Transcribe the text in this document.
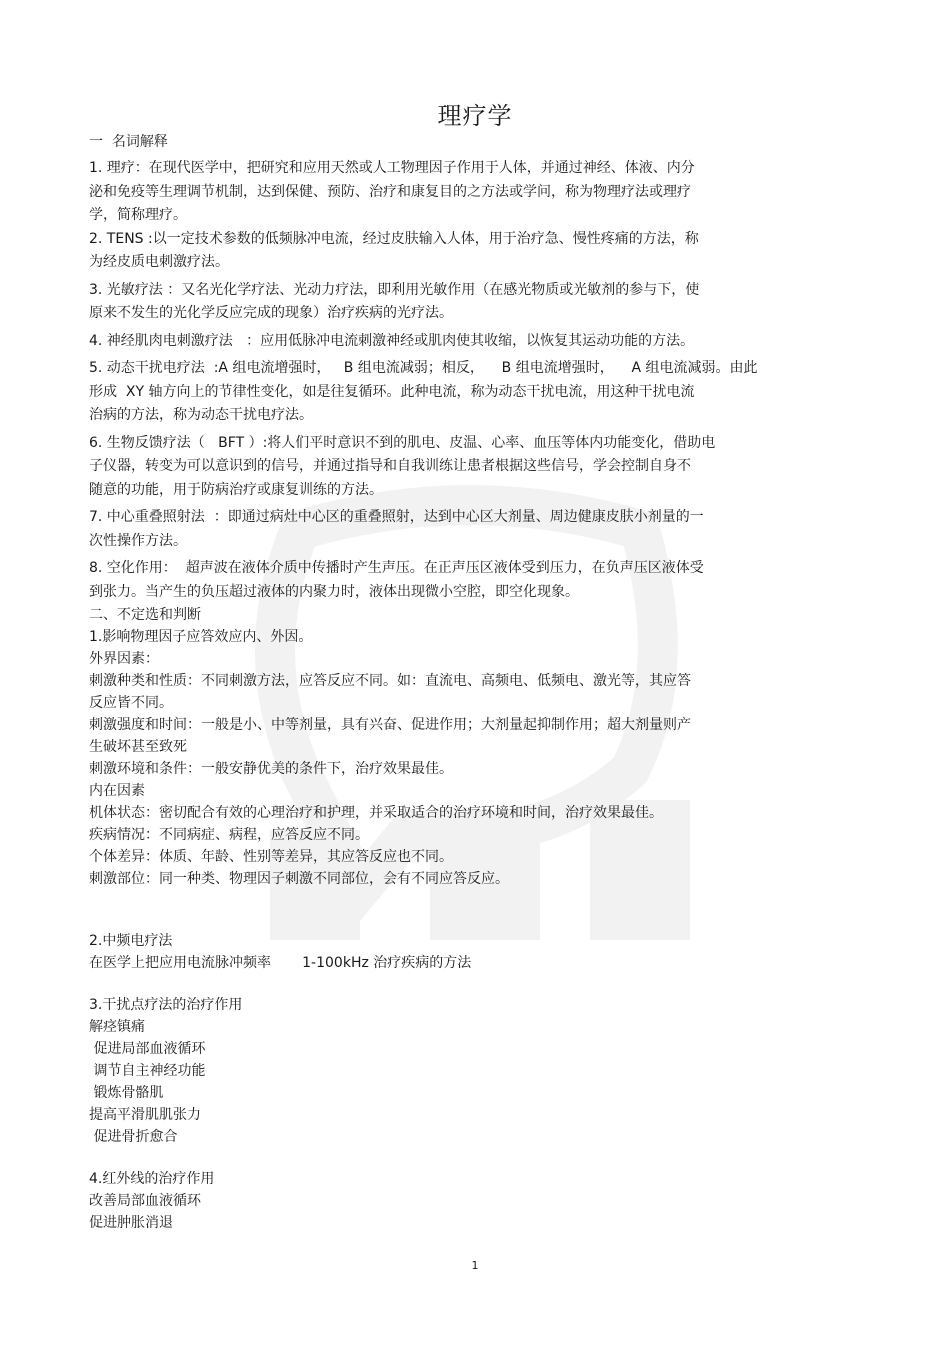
理疗学
一  名词解释
1. 理疗：在现代医学中，把研究和应用天然或人工物理因子作用于人体，并通过神经、体液、内分
泌和免疫等生理调节机制，达到保健、预防、治疗和康复目的之方法或学问，称为物理疗法或理疗
学，简称理疗。
2. TENS :以一定技术参数的低频脉冲电流，经过皮肤输入人体，用于治疗急、慢性疼痛的方法，称
为经皮质电刺激疗法。
3. 光敏疗法 ：又名光化学疗法、光动力疗法，即利用光敏作用（在感光物质或光敏剂的参与下，使
原来不发生的光化学反应完成的现象）治疗疾病的光疗法。
4. 神经肌肉电刺激疗法   ：应用低脉冲电流刺激神经或肌肉使其收缩，以恢复其运动功能的方法。
5. 动态干扰电疗法  :A 组电流增强时，   B 组电流减弱；相反，    B 组电流增强时，    A 组电流减弱。由此
形成  XY 轴方向上的节律性变化，如是往复循环。此种电流，称为动态干扰电流，用这种干扰电流
治病的方法，称为动态干扰电疗法。
6. 生物反馈疗法（   BFT ）:将人们平时意识不到的肌电、皮温、心率、血压等体内功能变化，借助电
子仪器，转变为可以意识到的信号，并通过指导和自我训练让患者根据这些信号，学会控制自身不
随意的功能，用于防病治疗或康复训练的方法。
7. 中心重叠照射法  ：即通过病灶中心区的重叠照射，达到中心区大剂量、周边健康皮肤小剂量的一
次性操作方法。
8. 空化作用：  超声波在液体介质中传播时产生声压。在正声压区液体受到压力，在负声压区液体受
到张力。当产生的负压超过液体的内聚力时，液体出现微小空腔，即空化现象。
二、不定选和判断
1.影响物理因子应答效应内、外因。
外界因素：
刺激种类和性质：不同刺激方法，应答反应不同。如：直流电、高频电、低频电、激光等，其应答
反应皆不同。
刺激强度和时间：一般是小、中等剂量，具有兴奋、促进作用；大剂量起抑制作用；超大剂量则产
生破坏甚至致死
刺激环境和条件：一般安静优美的条件下，治疗效果最佳。
内在因素
机体状态：密切配合有效的心理治疗和护理，并采取适合的治疗环境和时间，治疗效果最佳。
疾病情况：不同病症、病程，应答反应不同。
个体差异：体质、年龄、性别等差异，其应答反应也不同。
刺激部位：同一种类、物理因子刺激不同部位，会有不同应答反应。
2.中频电疗法
在医学上把应用电流脉冲频率       1-100kHz 治疗疾病的方法
3.干扰点疗法的治疗作用
解痉镇痛
促进局部血液循环
调节自主神经功能
锻炼骨骼肌
提高平滑肌肌张力
促进骨折愈合
4.红外线的治疗作用
改善局部血液循环
促进肿胀消退
1
